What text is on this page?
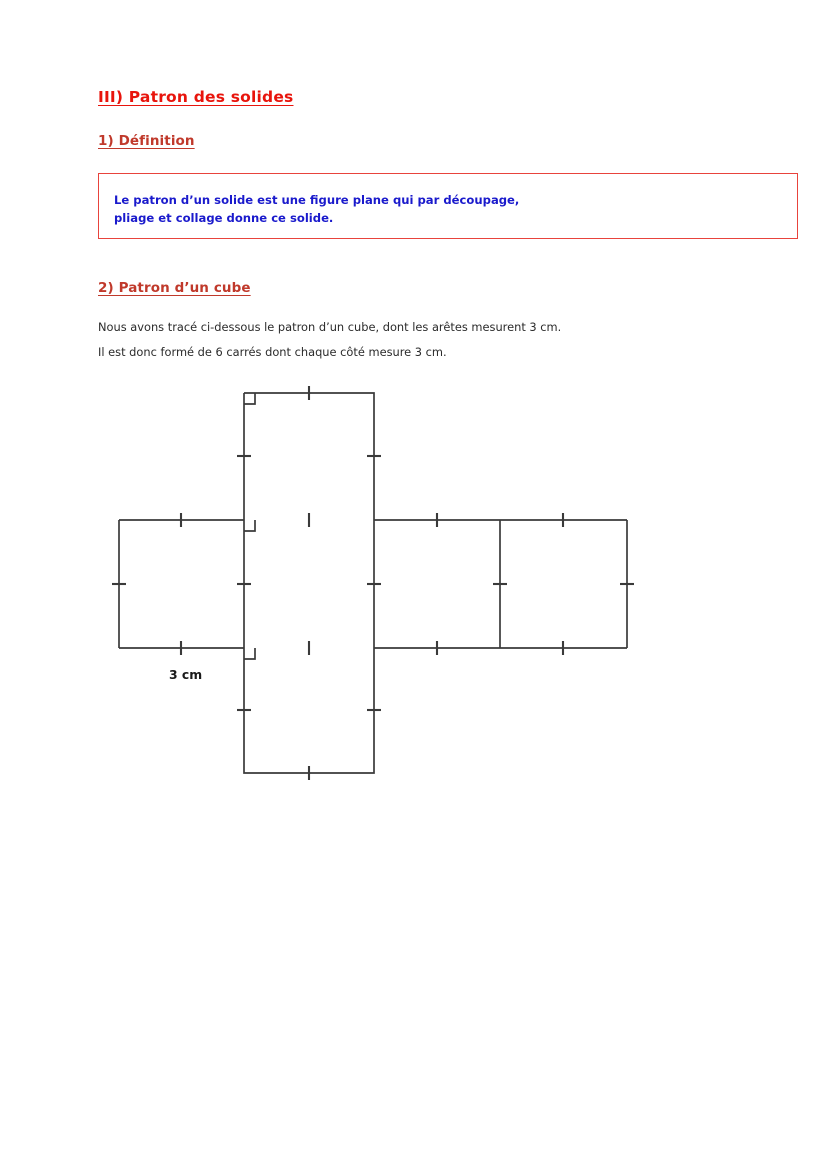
III) Patron des solides
1) Définition
Le patron d’un solide est une figure plane qui par découpage,
pliage et collage donne ce solide.
2) Patron d’un cube
Nous avons tracé ci-dessous le patron d’un cube, dont les arêtes mesurent 3 cm.
Il est donc formé de 6 carrés dont chaque côté mesure 3 cm.
3 cm
